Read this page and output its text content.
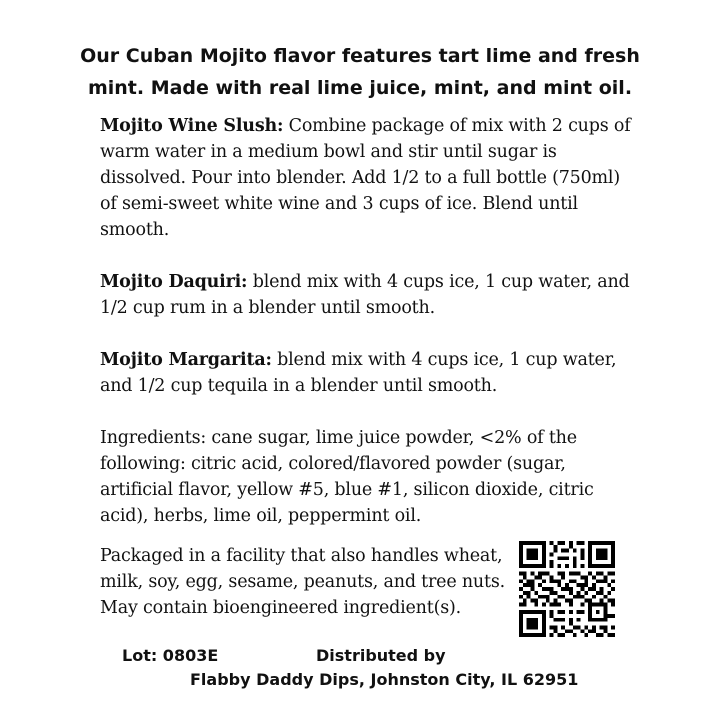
Our Cuban Mojito flavor features tart lime and fresh
mint. Made with real lime juice, mint, and mint oil.

Mojito Wine Slush: Combine package of mix with 2 cups of warm water in a medium bowl and stir until sugar is dissolved. Pour into blender. Add 1/2 to a full bottle (750ml) of semi-sweet white wine and 3 cups of ice. Blend until smooth.

Mojito Daquiri: blend mix with 4 cups ice, 1 cup water, and 1/2 cup rum in a blender until smooth.

Mojito Margarita: blend mix with 4 cups ice, 1 cup water, and 1/2 cup tequila in a blender until smooth.

Ingredients: cane sugar, lime juice powder, <2% of the following: citric acid, colored/flavored powder (sugar, artificial flavor, yellow #5, blue #1, silicon dioxide, citric acid), herbs, lime oil, peppermint oil.

Packaged in a facility that also handles wheat,
milk, soy, egg, sesame, peanuts, and tree nuts.
May contain bioengineered ingredient(s).

Lot: 0803E	Distributed by
Flabby Daddy Dips, Johnston City, IL 62951
